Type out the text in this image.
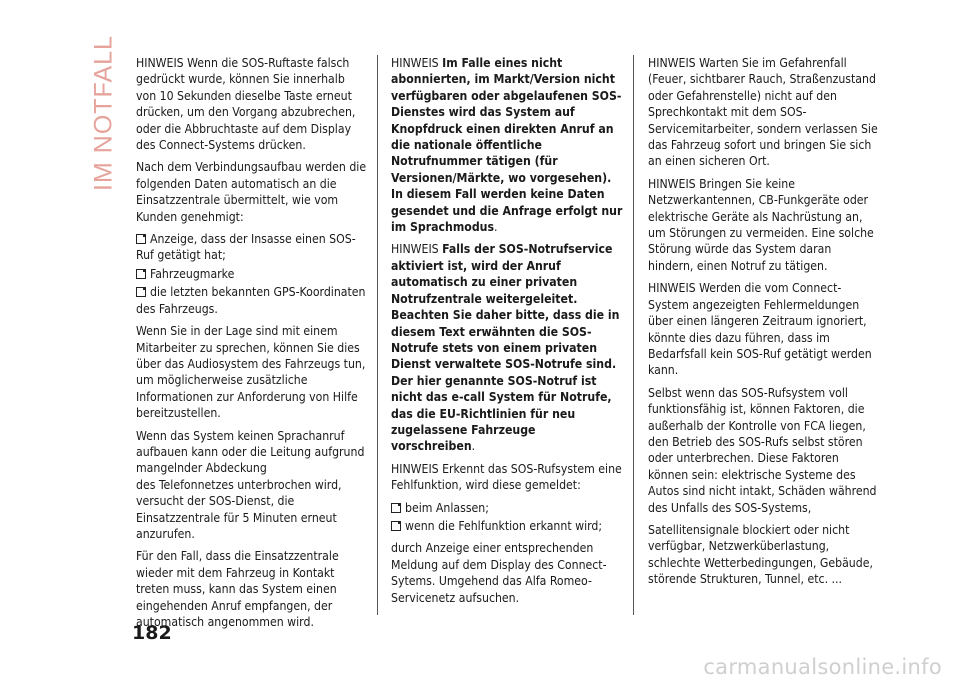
IM NOTFALL HINWEIS Wenn die SOS-Ruftaste falsch gedrückt wurde, können Sie innerhalb von 10 Sekunden dieselbe Taste erneut drücken, um den Vorgang abzubrechen, oder die Abbruchtaste auf dem Display des Connect-Systems drücken.

Nach dem Verbindungsaufbau werden die folgenden Daten automatisch an die Einsatzzentrale übermittelt, wie vom Kunden genehmigt:

Anzeige, dass der Insasse einen SOS-Ruf getätigt hat;
Fahrzeugmarke
die letzten bekannten GPS-Koordinaten des Fahrzeugs.

Wenn Sie in der Lage sind mit einem Mitarbeiter zu sprechen, können Sie dies über das Audiosystem des Fahrzeugs tun, um möglicherweise zusätzliche Informationen zur Anforderung von Hilfe bereitzustellen.

Wenn das System keinen Sprachanruf aufbauen kann oder die Leitung aufgrund mangelnder Abdeckung

des Telefonnetzes unterbrochen wird, versucht der SOS-Dienst, die Einsatzzentrale für 5 Minuten erneut anzurufen.

Für den Fall, dass die Einsatzzentrale wieder mit dem Fahrzeug in Kontakt treten muss, kann das System einen eingehenden Anruf empfangen, der automatisch angenommen wird.

HINWEIS Im Falle eines nicht abonnierten, im Markt/Version nicht verfügbaren oder abgelaufenen SOS-Dienstes wird das System auf Knopfdruck einen direkten Anruf an die nationale öffentliche Notrufnummer tätigen (für Versionen/Märkte, wo vorgesehen). In diesem Fall werden keine Daten gesendet und die Anfrage erfolgt nur im Sprachmodus.

HINWEIS Falls der SOS-Notrufservice aktiviert ist, wird der Anruf automatisch zu einer privaten Notrufzentrale weitergeleitet. Beachten Sie daher bitte, dass die in diesem Text erwähnten die SOS-Notrufe stets von einem privaten Dienst verwaltete SOS-Notrufe sind. Der hier genannte SOS-Notruf ist nicht das e-call System für Notrufe, das die EU-Richtlinien für neu zugelassene Fahrzeuge vorschreiben.

HINWEIS Erkennt das SOS-Rufsystem eine Fehlfunktion, wird diese gemeldet:

beim Anlassen;
wenn die Fehlfunktion erkannt wird;

durch Anzeige einer entsprechenden Meldung auf dem Display des Connect-Sytems. Umgehend das Alfa Romeo-Servicenetz aufsuchen.

HINWEIS Warten Sie im Gefahrenfall (Feuer, sichtbarer Rauch, Straßenzustand oder Gefahrenstelle) nicht auf den Sprechkontakt mit dem SOS-Servicemitarbeiter, sondern verlassen Sie das Fahrzeug sofort und bringen Sie sich an einen sicheren Ort.

HINWEIS Bringen Sie keine Netzwerkantennen, CB-Funkgeräte oder elektrische Geräte als Nachrüstung an, um Störungen zu vermeiden. Eine solche Störung würde das System daran hindern, einen Notruf zu tätigen.

HINWEIS Werden die vom Connect-System angezeigten Fehlermeldungen über einen längeren Zeitraum ignoriert, könnte dies dazu führen, dass im Bedarfsfall kein SOS-Ruf getätigt werden kann.

Selbst wenn das SOS-Rufsystem voll funktionsfähig ist, können Faktoren, die außerhalb der Kontrolle von FCA liegen, den Betrieb des SOS-Rufs selbst stören oder unterbrechen. Diese Faktoren können sein: elektrische Systeme des Autos sind nicht intakt, Schäden während des Unfalls des SOS-Systems,

Satellitensignale blockiert oder nicht verfügbar, Netzwerküberlastung, schlechte Wetterbedingungen, Gebäude, störende Strukturen, Tunnel, etc. ...

182
carmanualsonline.info
